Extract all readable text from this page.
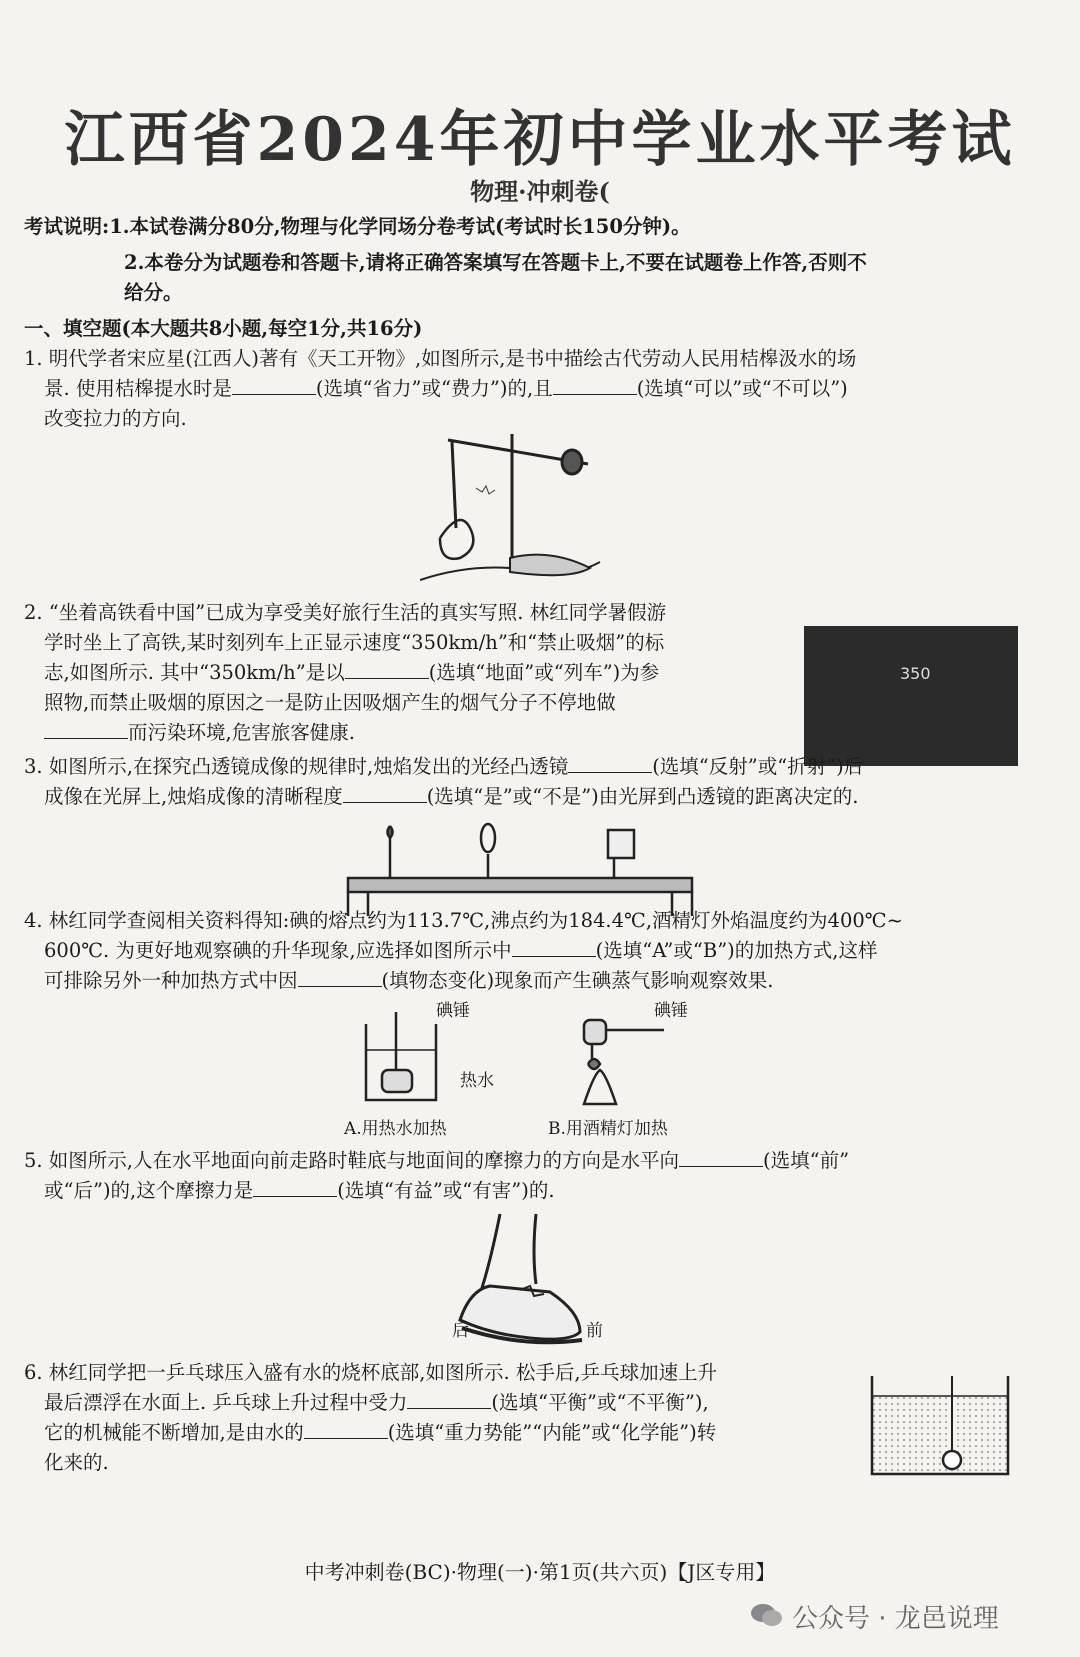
江西省2024年初中学业水平考试
物理·冲刺卷(
考试说明:1.本试卷满分80分,物理与化学同场分卷考试(考试时长150分钟)。
2.本卷分为试题卷和答题卡,请将正确答案填写在答题卡上,不要在试题卷上作答,否则不
给分。
一、填空题(本大题共8小题,每空1分,共16分)
1. 明代学者宋应星(江西人)著有《天工开物》,如图所示,是书中描绘古代劳动人民用桔槔汲水的场
景. 使用桔槔提水时是	(选填“省力”或“费力”)的,且	(选填“可以”或“不可以”)
改变拉力的方向.
2. “坐着高铁看中国”已成为享受美好旅行生活的真实写照. 林红同学暑假游
学时坐上了高铁,某时刻列车上正显示速度“350km/h”和“禁止吸烟”的标
志,如图所示. 其中“350km/h”是以	(选填“地面”或“列车”)为参
照物,而禁止吸烟的原因之一是防止因吸烟产生的烟气分子不停地做
而污染环境,危害旅客健康.
350
3. 如图所示,在探究凸透镜成像的规律时,烛焰发出的光经凸透镜	(选填“反射”或“折射”)后
成像在光屏上,烛焰成像的清晰程度	(选填“是”或“不是”)由光屏到凸透镜的距离决定的.
4. 林红同学查阅相关资料得知:碘的熔点约为113.7℃,沸点约为184.4℃,酒精灯外焰温度约为400℃~
600℃. 为更好地观察碘的升华现象,应选择如图所示中	(选填“A”或“B”)的加热方式,这样
可排除另外一种加热方式中因	(填物态变化)现象而产生碘蒸气影响观察效果.
碘锤
热水
A.用热水加热
碘锤
B.用酒精灯加热
5. 如图所示,人在水平地面向前走路时鞋底与地面间的摩擦力的方向是水平向	(选填“前”
或“后”)的,这个摩擦力是	(选填“有益”或“有害”)的.
后	前
6. 林红同学把一乒乓球压入盛有水的烧杯底部,如图所示. 松手后,乒乓球加速上升
最后漂浮在水面上. 乒乓球上升过程中受力	(选填“平衡”或“不平衡”),
它的机械能不断增加,是由水的	(选填“重力势能”“内能”或“化学能”)转
化来的.
中考冲刺卷(BC)·物理(一)·第1页(共六页)【J区专用】
公众号 · 龙邑说理
